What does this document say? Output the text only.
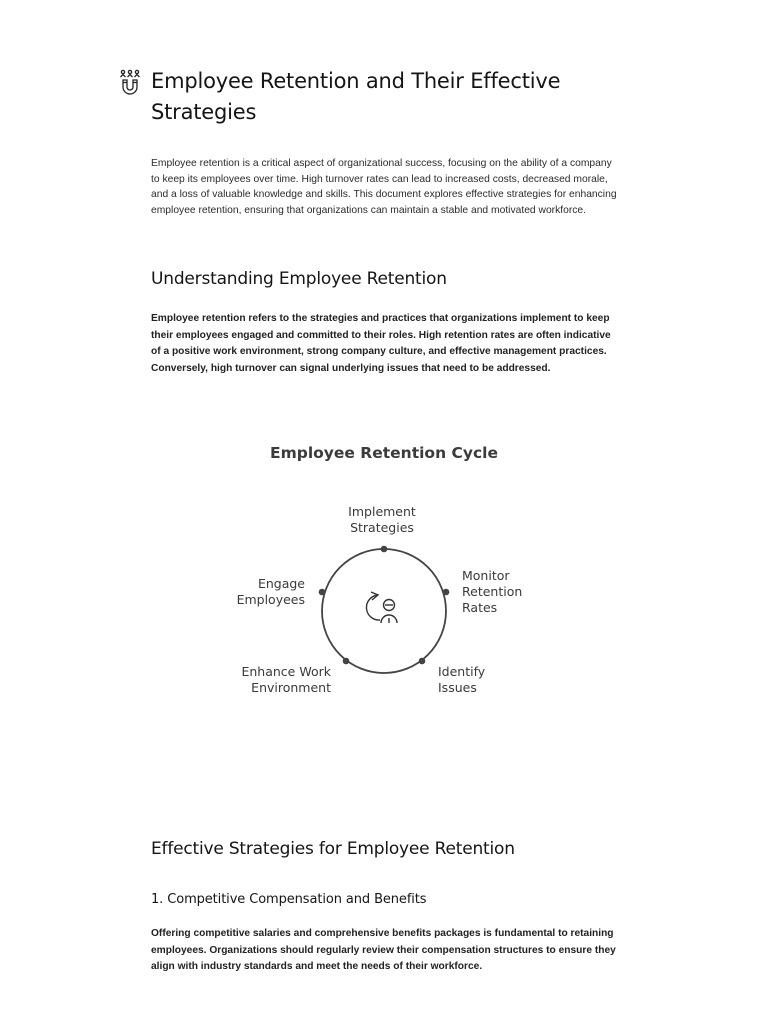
Employee Retention and Their Effective
Strategies

Employee retention is a critical aspect of organizational success, focusing on the ability of a company to keep its employees over time. High turnover rates can lead to increased costs, decreased morale, and a loss of valuable knowledge and skills. This document explores effective strategies for enhancing employee retention, ensuring that organizations can maintain a stable and motivated workforce.

Understanding Employee Retention

Employee retention refers to the strategies and practices that organizations implement to keep their employees engaged and committed to their roles. High retention rates are often indicative of a positive work environment, strong company culture, and effective management practices. Conversely, high turnover can signal underlying issues that need to be addressed.

Employee Retention Cycle
Implement
Strategies
Monitor
Retention
Rates
Identify
Issues
Enhance Work
Environment
Engage
Employees
Effective Strategies for Employee Retention
1. Competitive Compensation and Benefits

Offering competitive salaries and comprehensive benefits packages is fundamental to retaining employees. Organizations should regularly review their compensation structures to ensure they align with industry standards and meet the needs of their workforce.
